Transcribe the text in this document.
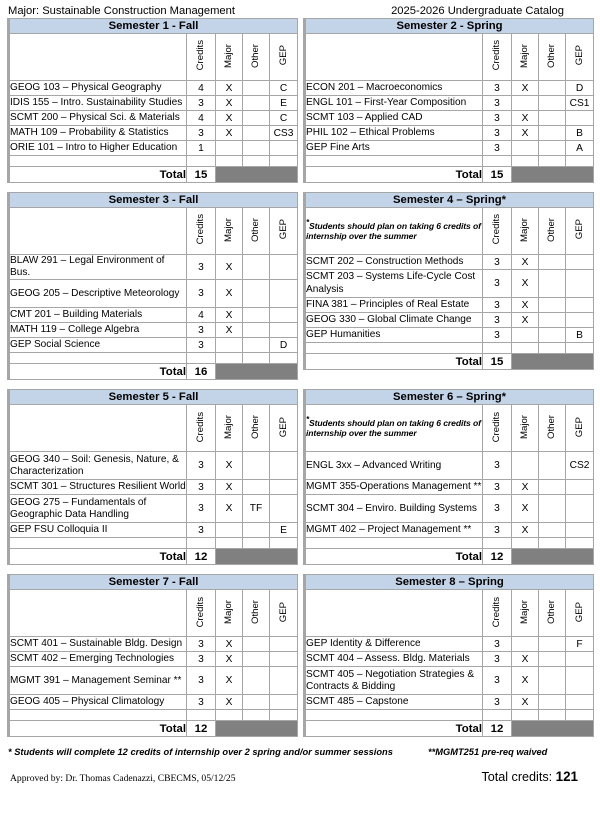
Major: Sustainable Construction Management	2025-2026 Undergraduate Catalog
Semester 1 - Fall				
	Credits	Major	Other	GEP
GEOG 103 – Physical Geography	4	X		C
IDIS 155 – Intro. Sustainability Studies	3	X		E
SCMT 200 – Physical Sci. & Materials	4	X		C
MATH 109 – Probability & Statistics	3	X		CS3
ORIE 101 – Intro to Higher Education	1			

Total	15			
Semester 2 - Spring				
	Credits	Major	Other	GEP
ECON 201 – Macroeconomics	3	X		D
ENGL 101 – First-Year Composition	3			CS1
SCMT 103 – Applied CAD	3	X		
PHIL 102 – Ethical Problems	3	X		B
GEP Fine Arts	3			A

Total	15			
Semester 3 - Fall				
	Credits	Major	Other	GEP
BLAW 291 – Legal Environment of Bus.	3	X		
GEOG 205 – Descriptive Meteorology	3	X		
CMT 201 – Building Materials	4	X		
MATH 119 – College Algebra	3	X		
GEP Social Science	3			D

Total	16			
Semester 4 – Spring*				
*Students should plan on taking 6 credits of internship over the summer	Credits	Major	Other	GEP
SCMT 202 – Construction Methods	3	X		
SCMT 203 – Systems Life-Cycle Cost Analysis	3	X		
FINA 381 – Principles of Real Estate	3	X		
GEOG 330 – Global Climate Change	3	X		
GEP Humanities	3			B

Total	15			
Semester 5 - Fall				
	Credits	Major	Other	GEP
GEOG 340 – Soil: Genesis, Nature, & Characterization	3	X		
SCMT 301 – Structures Resilient World	3	X		
GEOG 275 – Fundamentals of Geographic Data Handling	3	X	TF	
GEP FSU Colloquia II	3			E

Total	12			
Semester 6 – Spring*				
*Students should plan on taking 6 credits of internship over the summer	Credits	Major	Other	GEP
ENGL 3xx – Advanced Writing	3			CS2
MGMT 355-Operations Management **	3	X		
SCMT 304 – Enviro. Building Systems	3	X		
MGMT 402 – Project Management **	3	X		

Total	12			
Semester 7 - Fall				
	Credits	Major	Other	GEP
SCMT 401 – Sustainable Bldg. Design	3	X		
SCMT 402 – Emerging Technologies	3	X		
MGMT 391 – Management Seminar **	3	X		
GEOG 405 – Physical Climatology	3	X		

Total	12			
Semester 8 – Spring				
	Credits	Major	Other	GEP
GEP Identity & Difference	3			F
SCMT 404 – Assess. Bldg. Materials	3	X		
SCMT 405 – Negotiation Strategies & Contracts & Bidding	3	X		
SCMT 485 – Capstone	3	X		

Total	12			
* Students will complete 12 credits of internship over 2 spring and/or summer sessions	**MGMT251 pre-req waived
Approved by: Dr. Thomas Cadenazzi, CBECMS, 05/12/25	Total credits: 121
